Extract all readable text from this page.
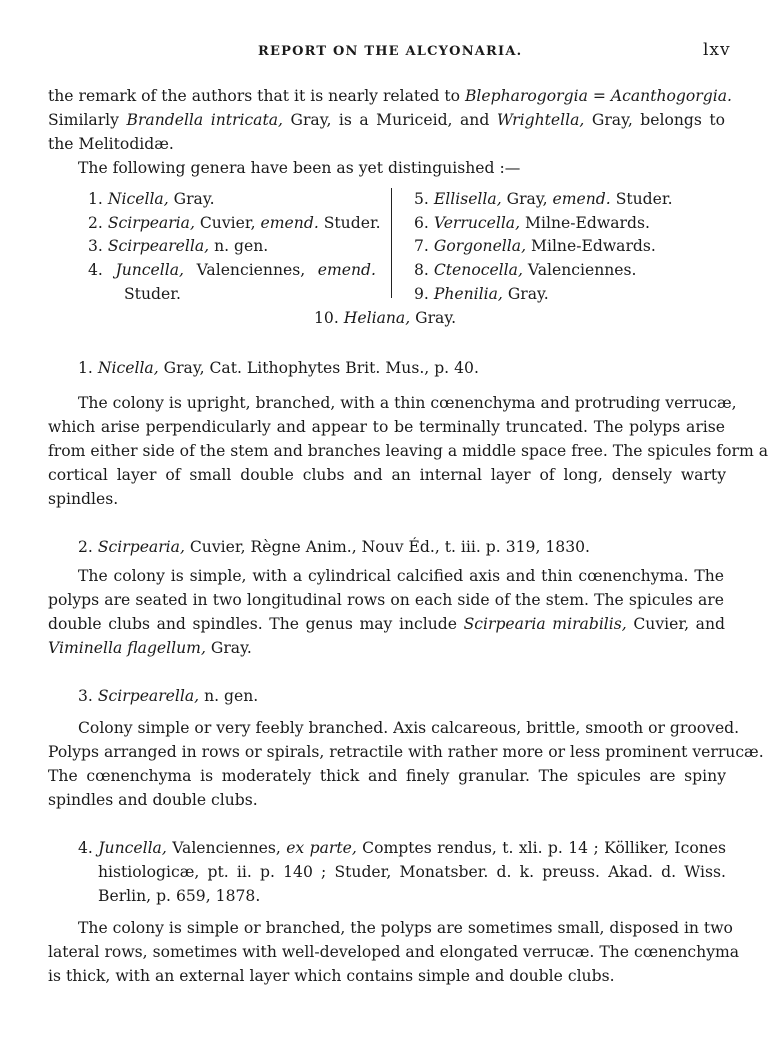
REPORT ON THE ALCYONARIA.	lxv
the remark of the authors that it is nearly related to Blepharogorgia = Acanthogorgia.
Similarly Brandella intricata, Gray, is a Muriceid, and Wrightella, Gray, belongs to
the Melitodidæ.
The following genera have been as yet distinguished :—
1. Nicella, Gray.
2. Scirpearia, Cuvier, emend. Studer.
3. Scirpearella, n. gen.
4. Juncella, Valenciennes, emend.
Studer.
5. Ellisella, Gray, emend. Studer.
6. Verrucella, Milne-Edwards.
7. Gorgonella, Milne-Edwards.
8. Ctenocella, Valenciennes.
9. Phenilia, Gray.
10. Heliana, Gray.
1. Nicella, Gray, Cat. Lithophytes Brit. Mus., p. 40.
The colony is upright, branched, with a thin cœnenchyma and protruding verrucæ,
which arise perpendicularly and appear to be terminally truncated. The polyps arise
from either side of the stem and branches leaving a middle space free. The spicules form a
cortical layer of small double clubs and an internal layer of long, densely warty
spindles.
2. Scirpearia, Cuvier, Règne Anim., Nouv Éd., t. iii. p. 319, 1830.
The colony is simple, with a cylindrical calcified axis and thin cœnenchyma. The
polyps are seated in two longitudinal rows on each side of the stem. The spicules are
double clubs and spindles. The genus may include Scirpearia mirabilis, Cuvier, and
Viminella flagellum, Gray.
3. Scirpearella, n. gen.
Colony simple or very feebly branched. Axis calcareous, brittle, smooth or grooved.
Polyps arranged in rows or spirals, retractile with rather more or less prominent verrucæ.
The cœnenchyma is moderately thick and finely granular. The spicules are spiny
spindles and double clubs.
4. Juncella, Valenciennes, ex parte, Comptes rendus, t. xli. p. 14 ; Kölliker, Icones
histiologicæ, pt. ii. p. 140 ; Studer, Monatsber. d. k. preuss. Akad. d. Wiss.
Berlin, p. 659, 1878.
The colony is simple or branched, the polyps are sometimes small, disposed in two
lateral rows, sometimes with well-developed and elongated verrucæ. The cœnenchyma
is thick, with an external layer which contains simple and double clubs.
